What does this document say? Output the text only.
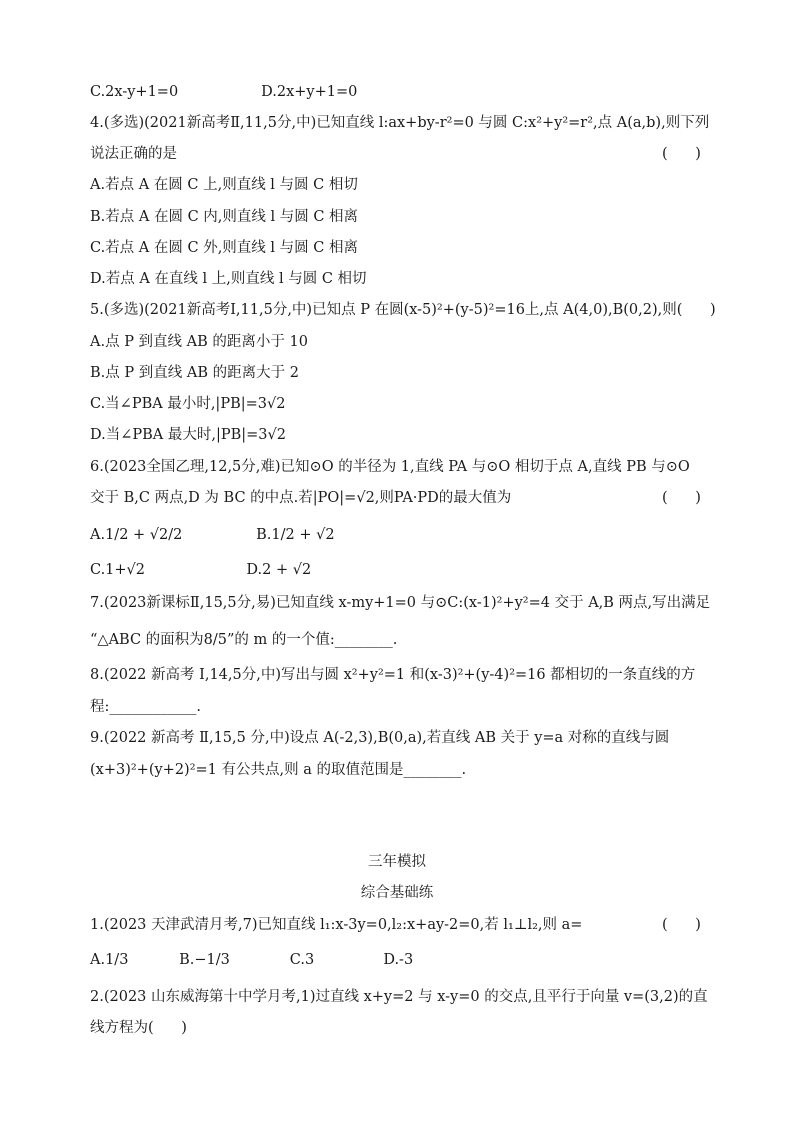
C.2x-y+1=0                  D.2x+y+1=0
4.(多选)(2021新高考Ⅱ,11,5分,中)已知直线 l:ax+by-r²=0 与圆 C:x²+y²=r²,点 A(a,b),则下列
说法正确的是	(      )
A.若点 A 在圆 C 上,则直线 l 与圆 C 相切
B.若点 A 在圆 C 内,则直线 l 与圆 C 相离
C.若点 A 在圆 C 外,则直线 l 与圆 C 相离
D.若点 A 在直线 l 上,则直线 l 与圆 C 相切
5.(多选)(2021新高考Ⅰ,11,5分,中)已知点 P 在圆(x-5)²+(y-5)²=16上,点 A(4,0),B(0,2),则(      )
A.点 P 到直线 AB 的距离小于 10
B.点 P 到直线 AB 的距离大于 2
C.当∠PBA 最小时,|PB|=3√2
D.当∠PBA 最大时,|PB|=3√2
6.(2023全国乙理,12,5分,难)已知⊙O 的半径为 1,直线 PA 与⊙O 相切于点 A,直线 PB 与⊙O
交于 B,C 两点,D 为 BC 的中点.若|PO|=√2,则PA·PD的最大值为	(      )
A.1/2 + √2/2                B.1/2 + √2
C.1+√2                      D.2 + √2
7.(2023新课标Ⅱ,15,5分,易)已知直线 x-my+1=0 与⊙C:(x-1)²+y²=4 交于 A,B 两点,写出满足
“△ABC 的面积为8/5”的 m 的一个值:________.
8.(2022 新高考 Ⅰ,14,5分,中)写出与圆 x²+y²=1 和(x-3)²+(y-4)²=16 都相切的一条直线的方
程:____________.
9.(2022 新高考 Ⅱ,15,5 分,中)设点 A(-2,3),B(0,a),若直线 AB 关于 y=a 对称的直线与圆
(x+3)²+(y+2)²=1 有公共点,则 a 的取值范围是________.
三年模拟
综合基础练
1.(2023 天津武清月考,7)已知直线 l₁:x-3y=0,l₂:x+ay-2=0,若 l₁⊥l₂,则 a=	(      )
A.1/3           B.−1/3             C.3               D.-3
2.(2023 山东威海第十中学月考,1)过直线 x+y=2 与 x-y=0 的交点,且平行于向量 v=(3,2)的直
线方程为(      )
